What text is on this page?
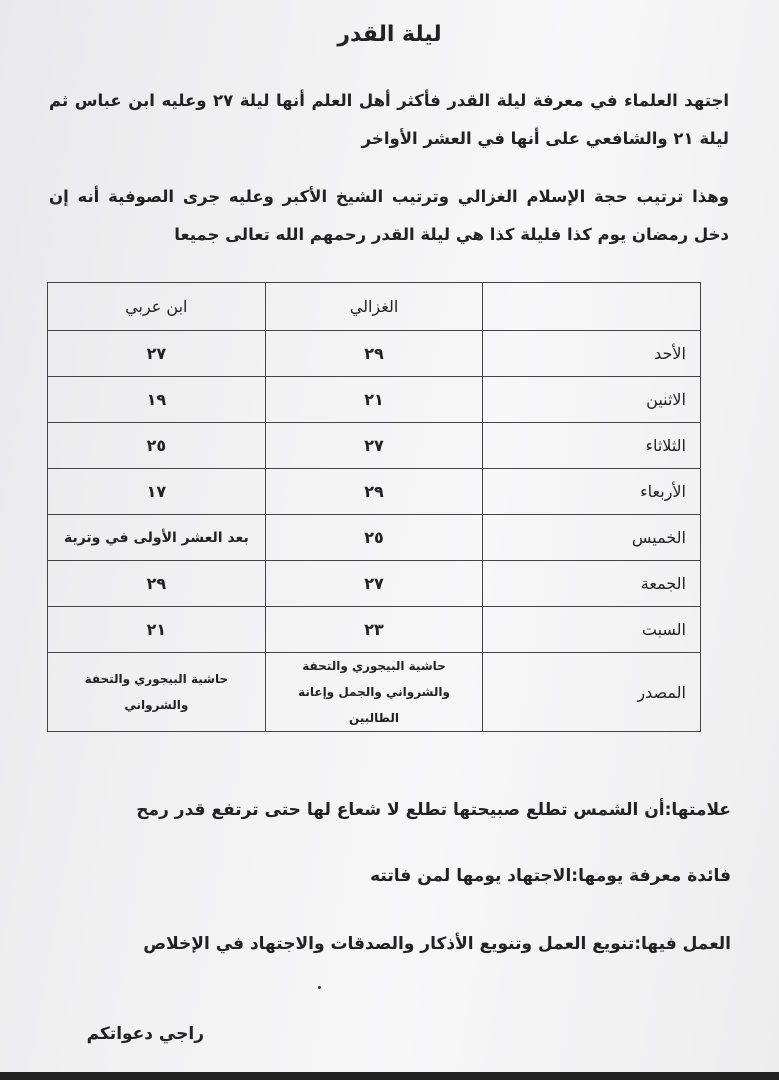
ليلة القدر
اجتهد العلماء في معرفة ليلة القدر فأكثر أهل العلم أنها ليلة ٢٧ وعليه ابن عباس ثم ليلة ٢١ والشافعي على أنها في العشر الأواخر
وهذا ترتيب حجة الإسلام الغزالي وترتيب الشيخ الأكبر وعليه جرى الصوفية أنه إن دخل رمضان يوم كذا فليلة كذا هي ليلة القدر رحمهم الله تعالى جميعا
	الغزالي	ابن عربي
الأحد	٢٩	٢٧
الاثنين	٢١	١٩
الثلاثاء	٢٧	٢٥
الأربعاء	٢٩	١٧
الخميس	٢٥	بعد العشر الأولى في وترية
الجمعة	٢٧	٢٩
السبت	٢٣	٢١
المصدر	حاشية البيجوري والتحفة والشرواني والجمل وإعانة الطالبين	حاشية البيجوري والتحفة والشرواني
علامتها:أن الشمس تطلع صبيحتها تطلع لا شعاع لها حتى ترتفع قدر رمح
فائدة معرفة يومها:الاجتهاد يومها لمن فاتته
العمل فيها:تنويع العمل وتنويع الأذكار والصدقات والاجتهاد في الإخلاص
راجي دعواتكم
